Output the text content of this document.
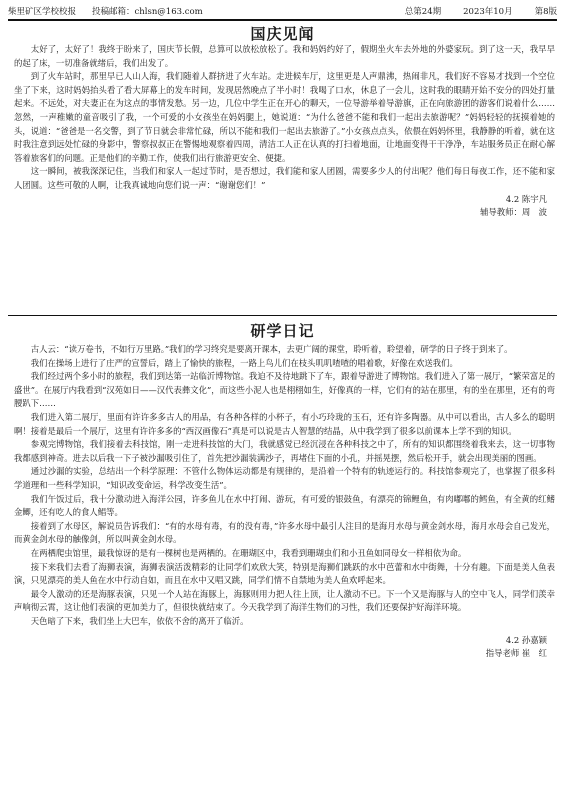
柴里矿区学校校报 投稿邮箱：chlsn@163.com	总第24期	2023年10月	第8版
国庆见闻

太好了，太好了！我终于盼来了，国庆节长假，总算可以放松放松了。我和妈妈约好了，假期坐火车去外地的外婆家玩。到了这一天，我早早的起了床，一切准备就绪后，我们出发了。

到了火车站时，那里早已人山人海，我们随着人群挤进了火车站。走进候车厅，这里更是人声鼎沸，热闹非凡，我们好不容易才找到一个空位坐了下来，这时妈妈抬头看了看大屏幕上的发车时间，发现居然晚点了半小时！我喝了口水，休息了一会儿，这时我的眼睛开始不安分的四处打量起来。不远处，对夫妻正在为这点的事情发愁。另一边，几位中学生正在开心的聊天，一位导游举着导游旗，正在向旅游团的游客们说着什么……忽然，一声稚嫩的童音吸引了我，一个可爱的小女孩坐在妈妈腿上，她说道：“为什么爸爸不能和我们一起出去旅游呢？”妈妈轻轻的抚摸着她的头，说道：“爸爸是一名交警，到了节日就会非常忙碌，所以不能和我们一起出去旅游了。”小女孩点点头，依偎在妈妈怀里，我静静的听着，就在这时我注意到远处忙碌的身影中，警察叔叔正在警惕地观察着四周，清洁工人正在认真的打扫着地面，让地面变得干干净净，车站服务员正在耐心解答着旅客们的问题。正是他们的辛勤工作，使我们出行旅游更安全、便捷。

这一瞬间，被我深深记住，当我们和家人一起过节时，是否想过，我们能和家人团圆，需要多少人的付出呢？他们每日每夜工作，还不能和家人团圆。这些可敬的人啊，让我真诚地向您们说一声：“谢谢您们！”

4.2 陈宇凡
辅导教师：周　波
研学日记

古人云：“读万卷书，不如行万里路。”我们的学习终究是要离开课本，去更广阔的课堂，聆听着，聆望着，研学的日子终于到来了。

我们在操场上进行了庄严的宣誓后，踏上了愉快的旅程，一路上鸟儿们在枝头叽叽喳喳的唱着歌，好像在欢送我们。

我们经过两个多小时的旅程，我们到达第一站临沂博物馆。我迫不及待地跳下了车，跟着导游进了博物馆。我们进入了第一展厅，“繁荣富足的盛世”。在展厅内我看到“汉苑如日——汉代表彝文化”，而这些小泥人也是栩栩如生，好像真的一样，它们有的站在那里，有的坐在那里，还有的弯腰趴下……

我们进入第二展厅，里面有许许多多古人的用品，有各种各样的小杯子，有小巧玲珑的玉石，还有许多陶器。从中可以看出，古人多么的聪明啊！接着是最后一个展厅，这里有许许多多的“西汉画像石”真是可以说是古人智慧的结晶，从中我学到了很多以前课本上学不到的知识。

参观完博物馆，我们接着去科技馆，刚一走进科技馆的大门，我就感觉已经沉浸在各种科技之中了，所有的知识都围绕着我来去，这一切事物我都感到神奇。进去以后我一下子被沙漏吸引住了，首先把沙漏装满沙子，再堵住下面的小孔，并摇晃摆，然后松开手，就会出现美丽的图画。

通过沙漏的实验，总结出一个科学原理：不管什么物体运动都是有规律的，是沿着一个特有的轨迹运行的。科技馆参观完了，也掌握了很多科学道理和一些科学知识，“知识改变命运，科学改变生活”。

我们午饭过后，我十分激动进入海洋公园，许多鱼儿在水中打闹、游玩，有可爱的银鼓鱼，有漂亮的锦鲤鱼，有肉嘟嘟的鳕鱼，有全黄的红鳍金鲫，还有吃人的食人鲳等。

接着到了水母区，解说员告诉我们：“有的水母有毒，有的没有毒，”许多水母中最引人注目的是海月水母与黄金剑水母，海月水母会自己发光，而黄金剑水母的触像剑，所以叫黄金剑水母。

在两栖爬虫馆里，最我惊讶的是有一棵树也是两栖的。在珊瑚区中，我看到珊瑚虫们和小丑鱼如同母女一样相依为命。

接下来我们去看了海狮表演，海狮表演活泼精彩的让同学们欢欣大笑，特别是海狮们跳跃的水中芭蕾和水中街舞，十分有趣。下面是美人鱼表演，只见漂亮的美人鱼在水中行动自如，而且在水中又唱又跳，同学们情不自禁地为美人鱼欢呼起来。

最令人激动的还是海豚表演，只见一个人站在海豚上，海豚则用力把人往上顶，让人激动不已。下一个又是海豚与人的空中飞人，同学们羡幸声响彻云霄，这让他们表演的更加美力了，但很快就结束了。今天我学到了海洋生物们的习性，我们还要保护好海洋环境。

天色暗了下来，我们坐上大巴车，依依不舍的离开了临沂。

4.2 孙嘉颖
指导老师 崔　红
